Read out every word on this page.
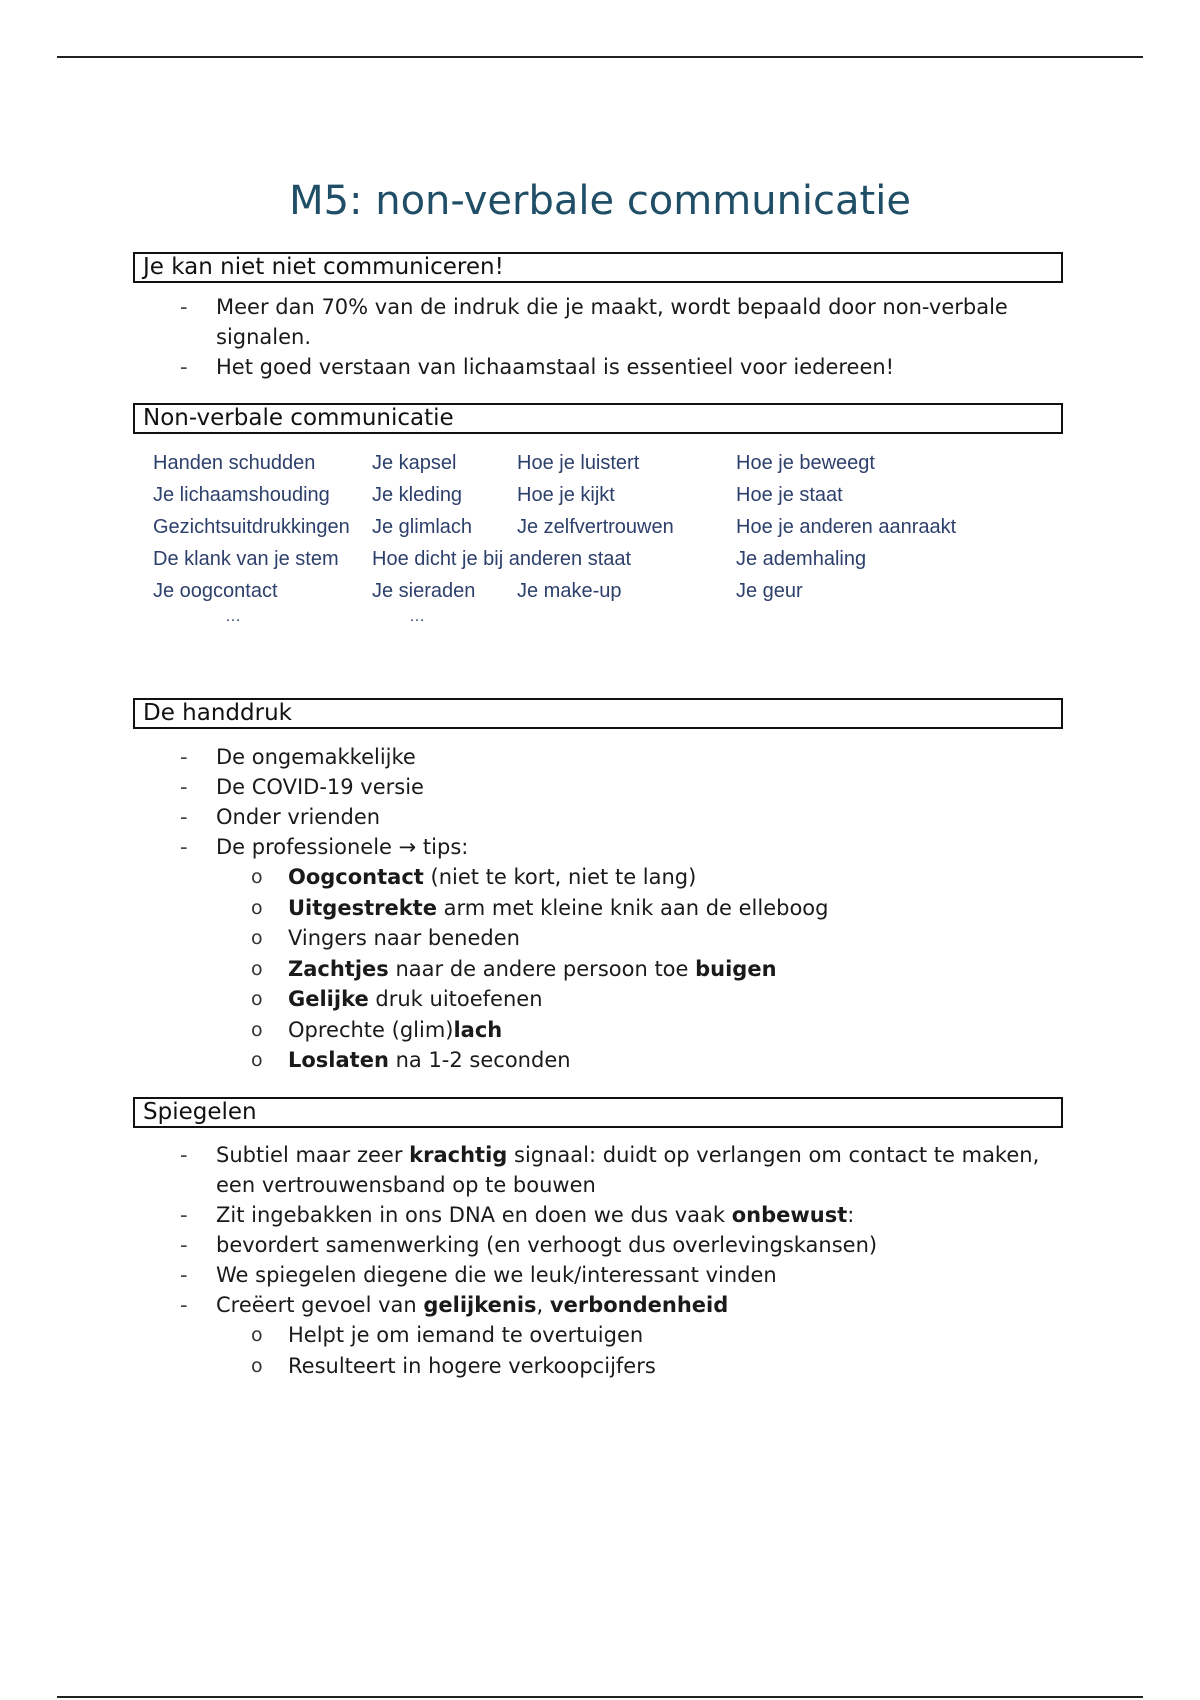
M5: non-verbale communicatie
Je kan niet niet communiceren!
- Meer dan 70% van de indruk die je maakt, wordt bepaald door non-verbale signalen.
- Het goed verstaan van lichaamstaal is essentieel voor iedereen!
Non-verbale communicatie
Handen schudden
Je lichaamshouding
Gezichtsuitdrukkingen
De klank van je stem
Je oogcontact
…
Je kapsel
Je kleding
Je glimlach
Hoe dicht je bij anderen staat
Je sieraden
…
Hoe je luistert
Hoe je kijkt
Je zelfvertrouwen
Je make-up
Hoe je beweegt
Hoe je staat
Hoe je anderen aanraakt
Je ademhaling
Je geur
De handdruk
- De ongemakkelijke
- De COVID-19 versie
- Onder vrienden
- De professionele → tips:
o Oogcontact (niet te kort, niet te lang)
o Uitgestrekte arm met kleine knik aan de elleboog
o Vingers naar beneden
o Zachtjes naar de andere persoon toe buigen
o Gelijke druk uitoefenen
o Oprechte (glim)lach
o Loslaten na 1-2 seconden
Spiegelen
- Subtiel maar zeer krachtig signaal: duidt op verlangen om contact te maken, een vertrouwensband op te bouwen
- Zit ingebakken in ons DNA en doen we dus vaak onbewust:
- bevordert samenwerking (en verhoogt dus overlevingskansen)
- We spiegelen diegene die we leuk/interessant vinden
- Creëert gevoel van gelijkenis, verbondenheid
o Helpt je om iemand te overtuigen
o Resulteert in hogere verkoopcijfers
